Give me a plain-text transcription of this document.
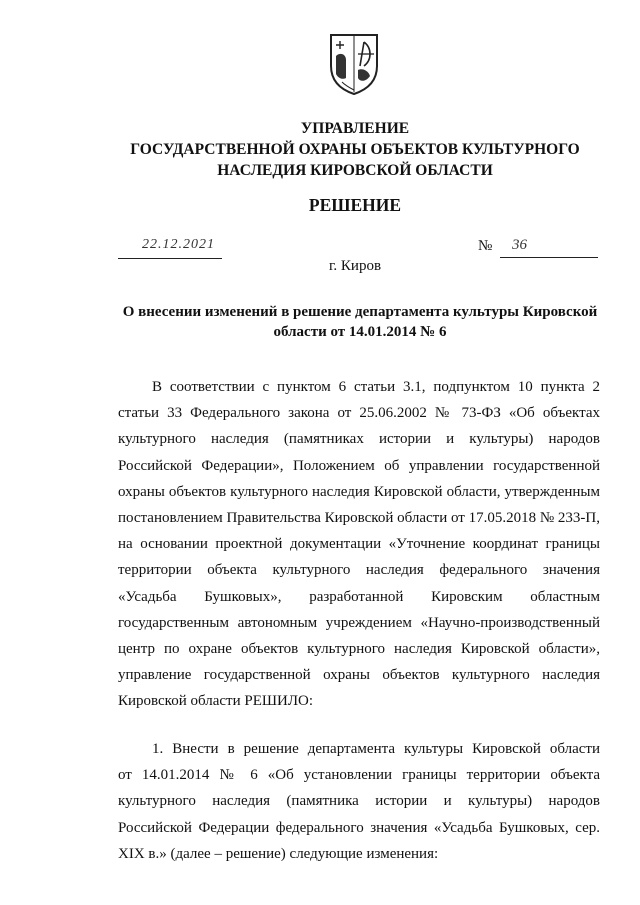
УПРАВЛЕНИЕ
ГОСУДАРСТВЕННОЙ ОХРАНЫ ОБЪЕКТОВ КУЛЬТУРНОГО
НАСЛЕДИЯ КИРОВСКОЙ ОБЛАСТИ
РЕШЕНИЕ
22.12.2021	№ 36
г. Киров
О внесении изменений в решение департамента культуры Кировской
области от 14.01.2014 № 6
В соответствии с пунктом 6 статьи 3.1, подпунктом 10 пункта 2
статьи 33 Федерального закона от 25.06.2002 № 73-ФЗ «Об объектах
культурного наследия (памятниках истории и культуры) народов
Российской Федерации», Положением об управлении государственной
охраны объектов культурного наследия Кировской области, утвержденным
постановлением Правительства Кировской области от 17.05.2018 № 233-П,
на основании проектной документации «Уточнение координат границы
территории объекта культурного наследия федерального значения
«Усадьба Бушковых», разработанной Кировским областным
государственным автономным учреждением «Научно-производственный
центр по охране объектов культурного наследия Кировской области»,
управление государственной охраны объектов культурного наследия
Кировской области РЕШИЛО:
1. Внести в решение департамента культуры Кировской области
от 14.01.2014 № 6 «Об установлении границы территории объекта
культурного наследия (памятника истории и культуры) народов
Российской Федерации федерального значения «Усадьба Бушковых, сер.
XIX в.» (далее – решение) следующие изменения:
